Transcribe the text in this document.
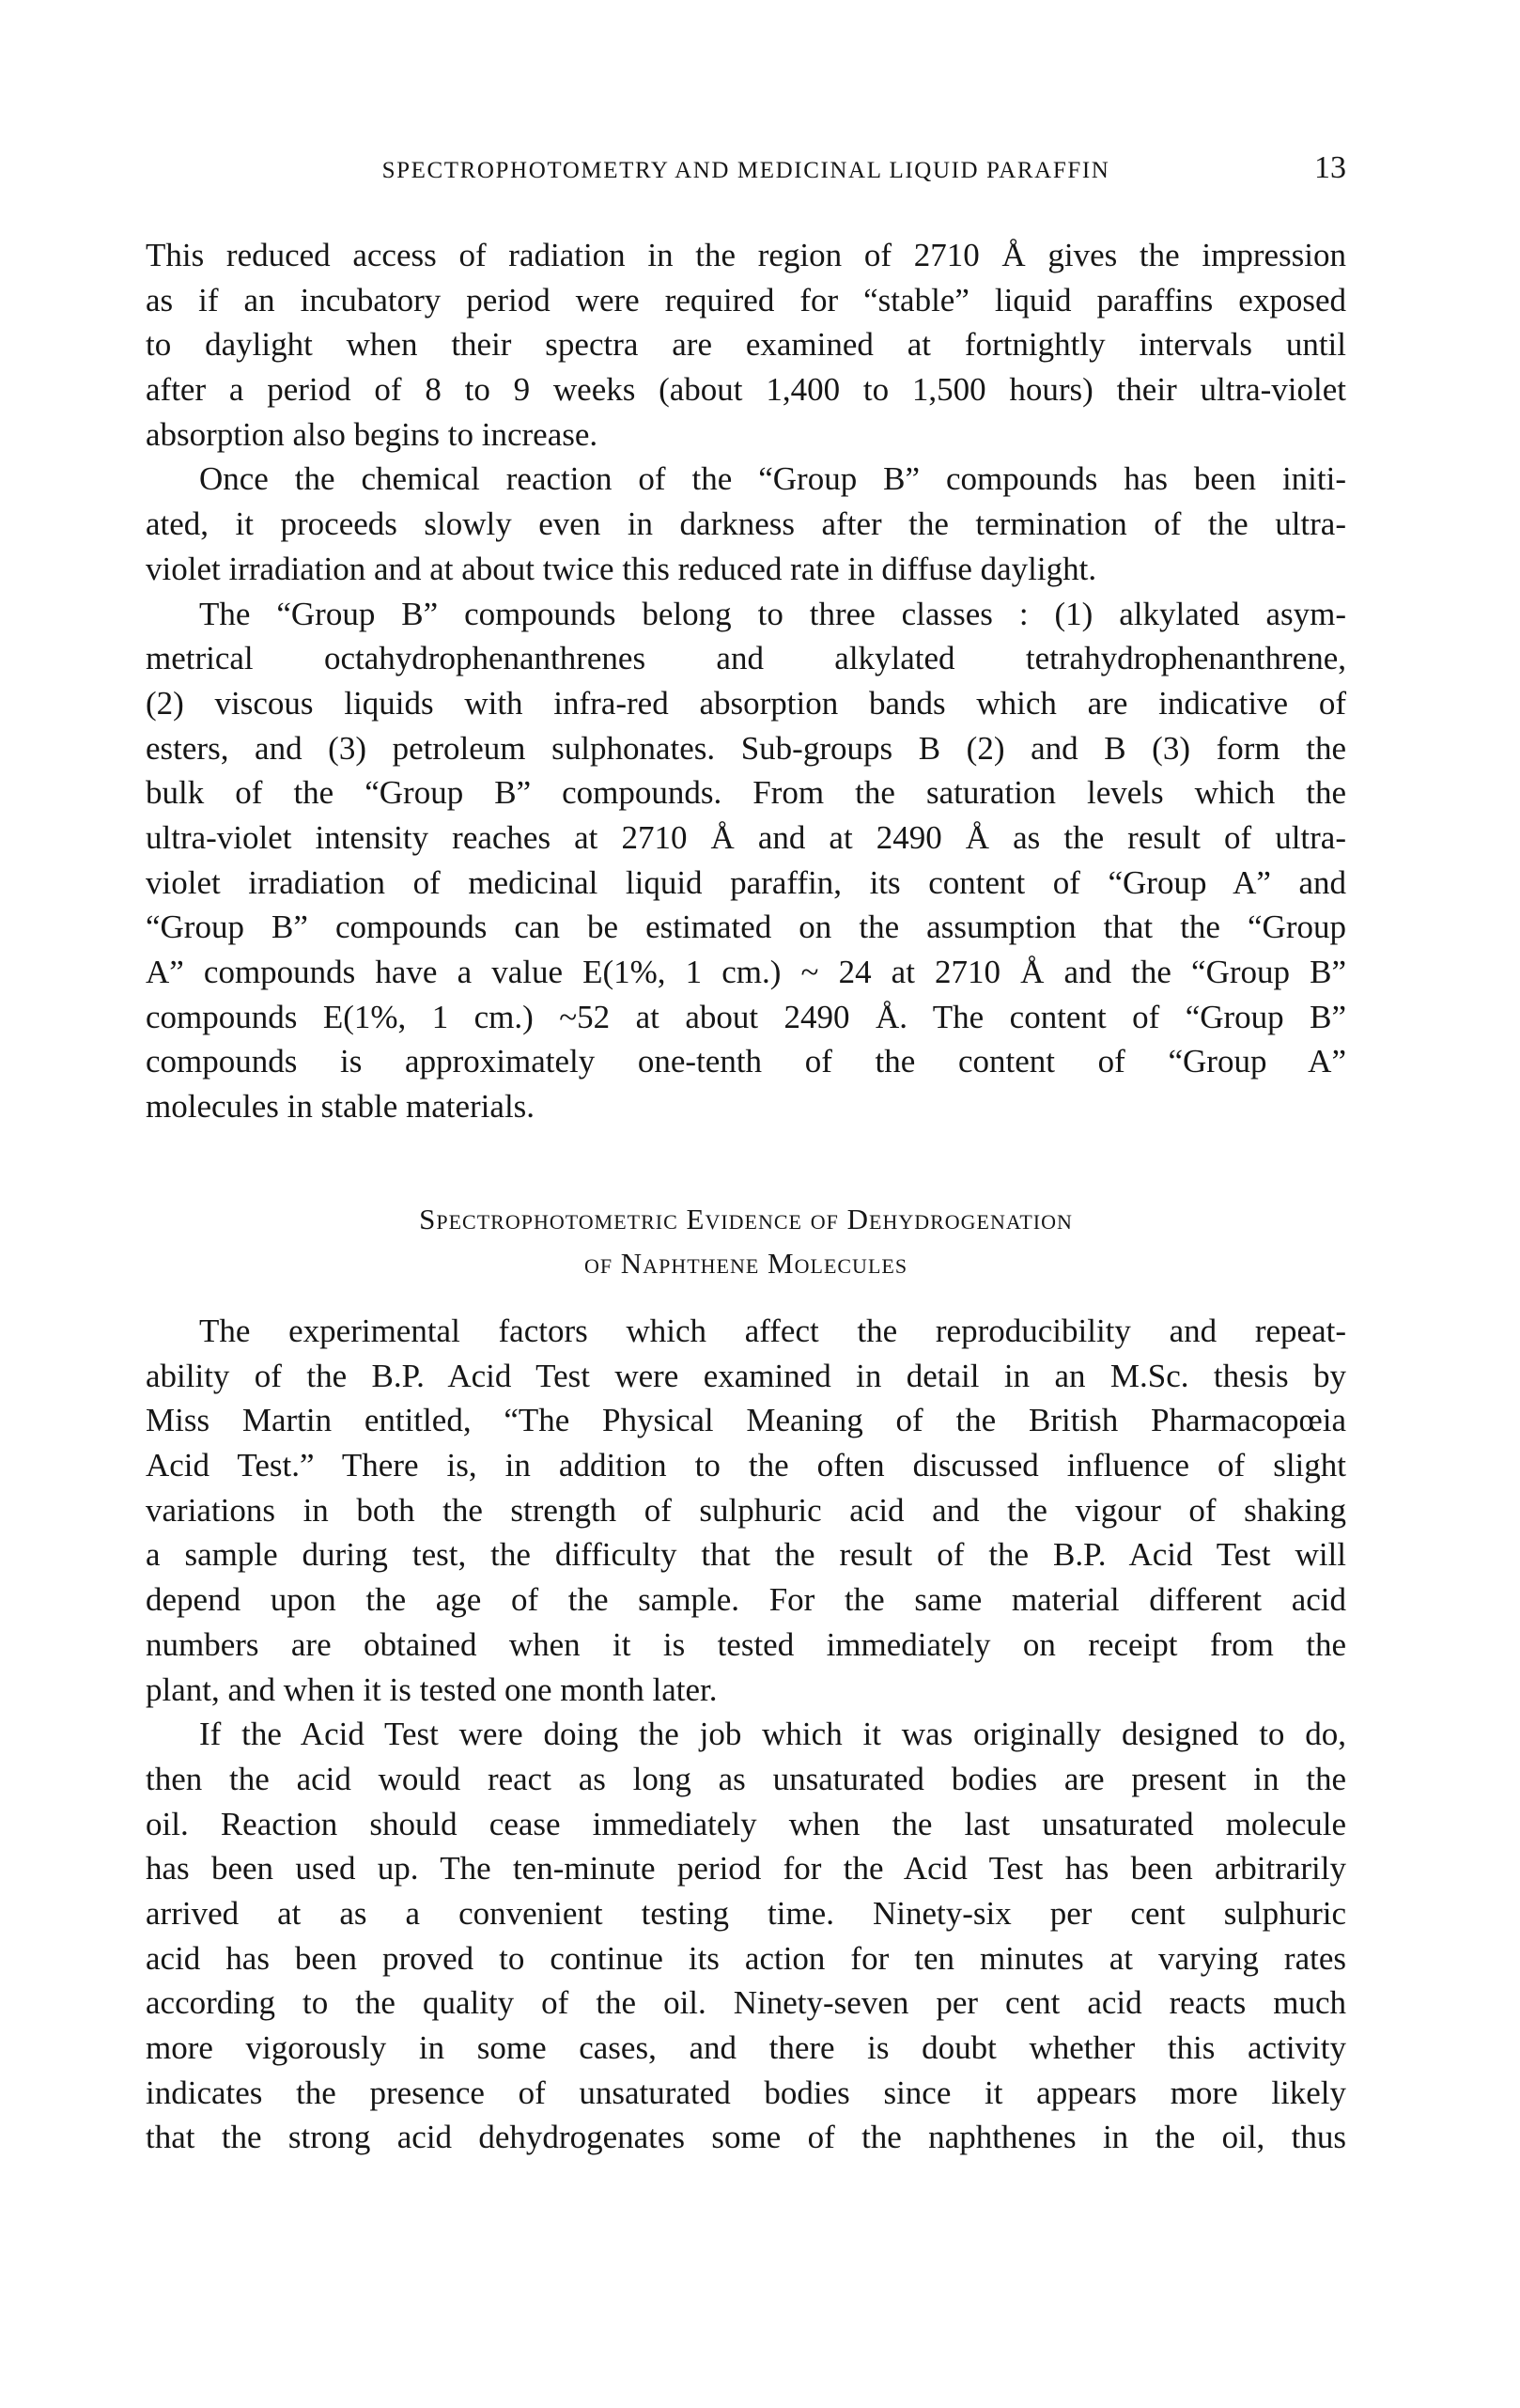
SPECTROPHOTOMETRY AND MEDICINAL LIQUID PARAFFIN	13
This reduced access of radiation in the region of 2710 Å gives the impression
as if an incubatory period were required for “stable” liquid paraffins exposed
to daylight when their spectra are examined at fortnightly intervals until
after a period of 8 to 9 weeks (about 1,400 to 1,500 hours) their ultra-violet
absorption also begins to increase.
Once the chemical reaction of the “Group B” compounds has been initi-
ated, it proceeds slowly even in darkness after the termination of the ultra-
violet irradiation and at about twice this reduced rate in diffuse daylight.
The “Group B” compounds belong to three classes : (1) alkylated asym-
metrical octahydrophenanthrenes and alkylated tetrahydrophenanthrene,
(2) viscous liquids with infra-red absorption bands which are indicative of
esters, and (3) petroleum sulphonates. Sub-groups B (2) and B (3) form the
bulk of the “Group B” compounds. From the saturation levels which the
ultra-violet intensity reaches at 2710 Å and at 2490 Å as the result of ultra-
violet irradiation of medicinal liquid paraffin, its content of “Group A” and
“Group B” compounds can be estimated on the assumption that the “Group
A” compounds have a value E(1%, 1 cm.) ~ 24 at 2710 Å and the “Group B”
compounds E(1%, 1 cm.) ~52 at about 2490 Å. The content of “Group B”
compounds is approximately one-tenth of the content of “Group A”
molecules in stable materials.
Spectrophotometric Evidence of Dehydrogenation
of Naphthene Molecules
The experimental factors which affect the reproducibility and repeat-
ability of the B.P. Acid Test were examined in detail in an M.Sc. thesis by
Miss Martin entitled, “The Physical Meaning of the British Pharmacopœia
Acid Test.” There is, in addition to the often discussed influence of slight
variations in both the strength of sulphuric acid and the vigour of shaking
a sample during test, the difficulty that the result of the B.P. Acid Test will
depend upon the age of the sample. For the same material different acid
numbers are obtained when it is tested immediately on receipt from the
plant, and when it is tested one month later.
If the Acid Test were doing the job which it was originally designed to do,
then the acid would react as long as unsaturated bodies are present in the
oil. Reaction should cease immediately when the last unsaturated molecule
has been used up. The ten-minute period for the Acid Test has been arbitrarily
arrived at as a convenient testing time. Ninety-six per cent sulphuric
acid has been proved to continue its action for ten minutes at varying rates
according to the quality of the oil. Ninety-seven per cent acid reacts much
more vigorously in some cases, and there is doubt whether this activity
indicates the presence of unsaturated bodies since it appears more likely
that the strong acid dehydrogenates some of the naphthenes in the oil, thus
